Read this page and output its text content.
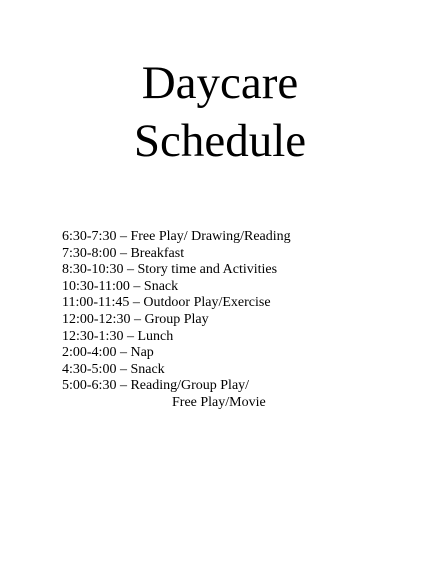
Daycare
Schedule
6:30-7:30 – Free Play/ Drawing/Reading
7:30-8:00 – Breakfast
8:30-10:30 – Story time and Activities
10:30-11:00 – Snack
11:00-11:45 – Outdoor Play/Exercise
12:00-12:30 – Group Play
12:30-1:30 – Lunch
2:00-4:00 – Nap
4:30-5:00 – Snack
5:00-6:30 – Reading/Group Play/
Free Play/Movie
